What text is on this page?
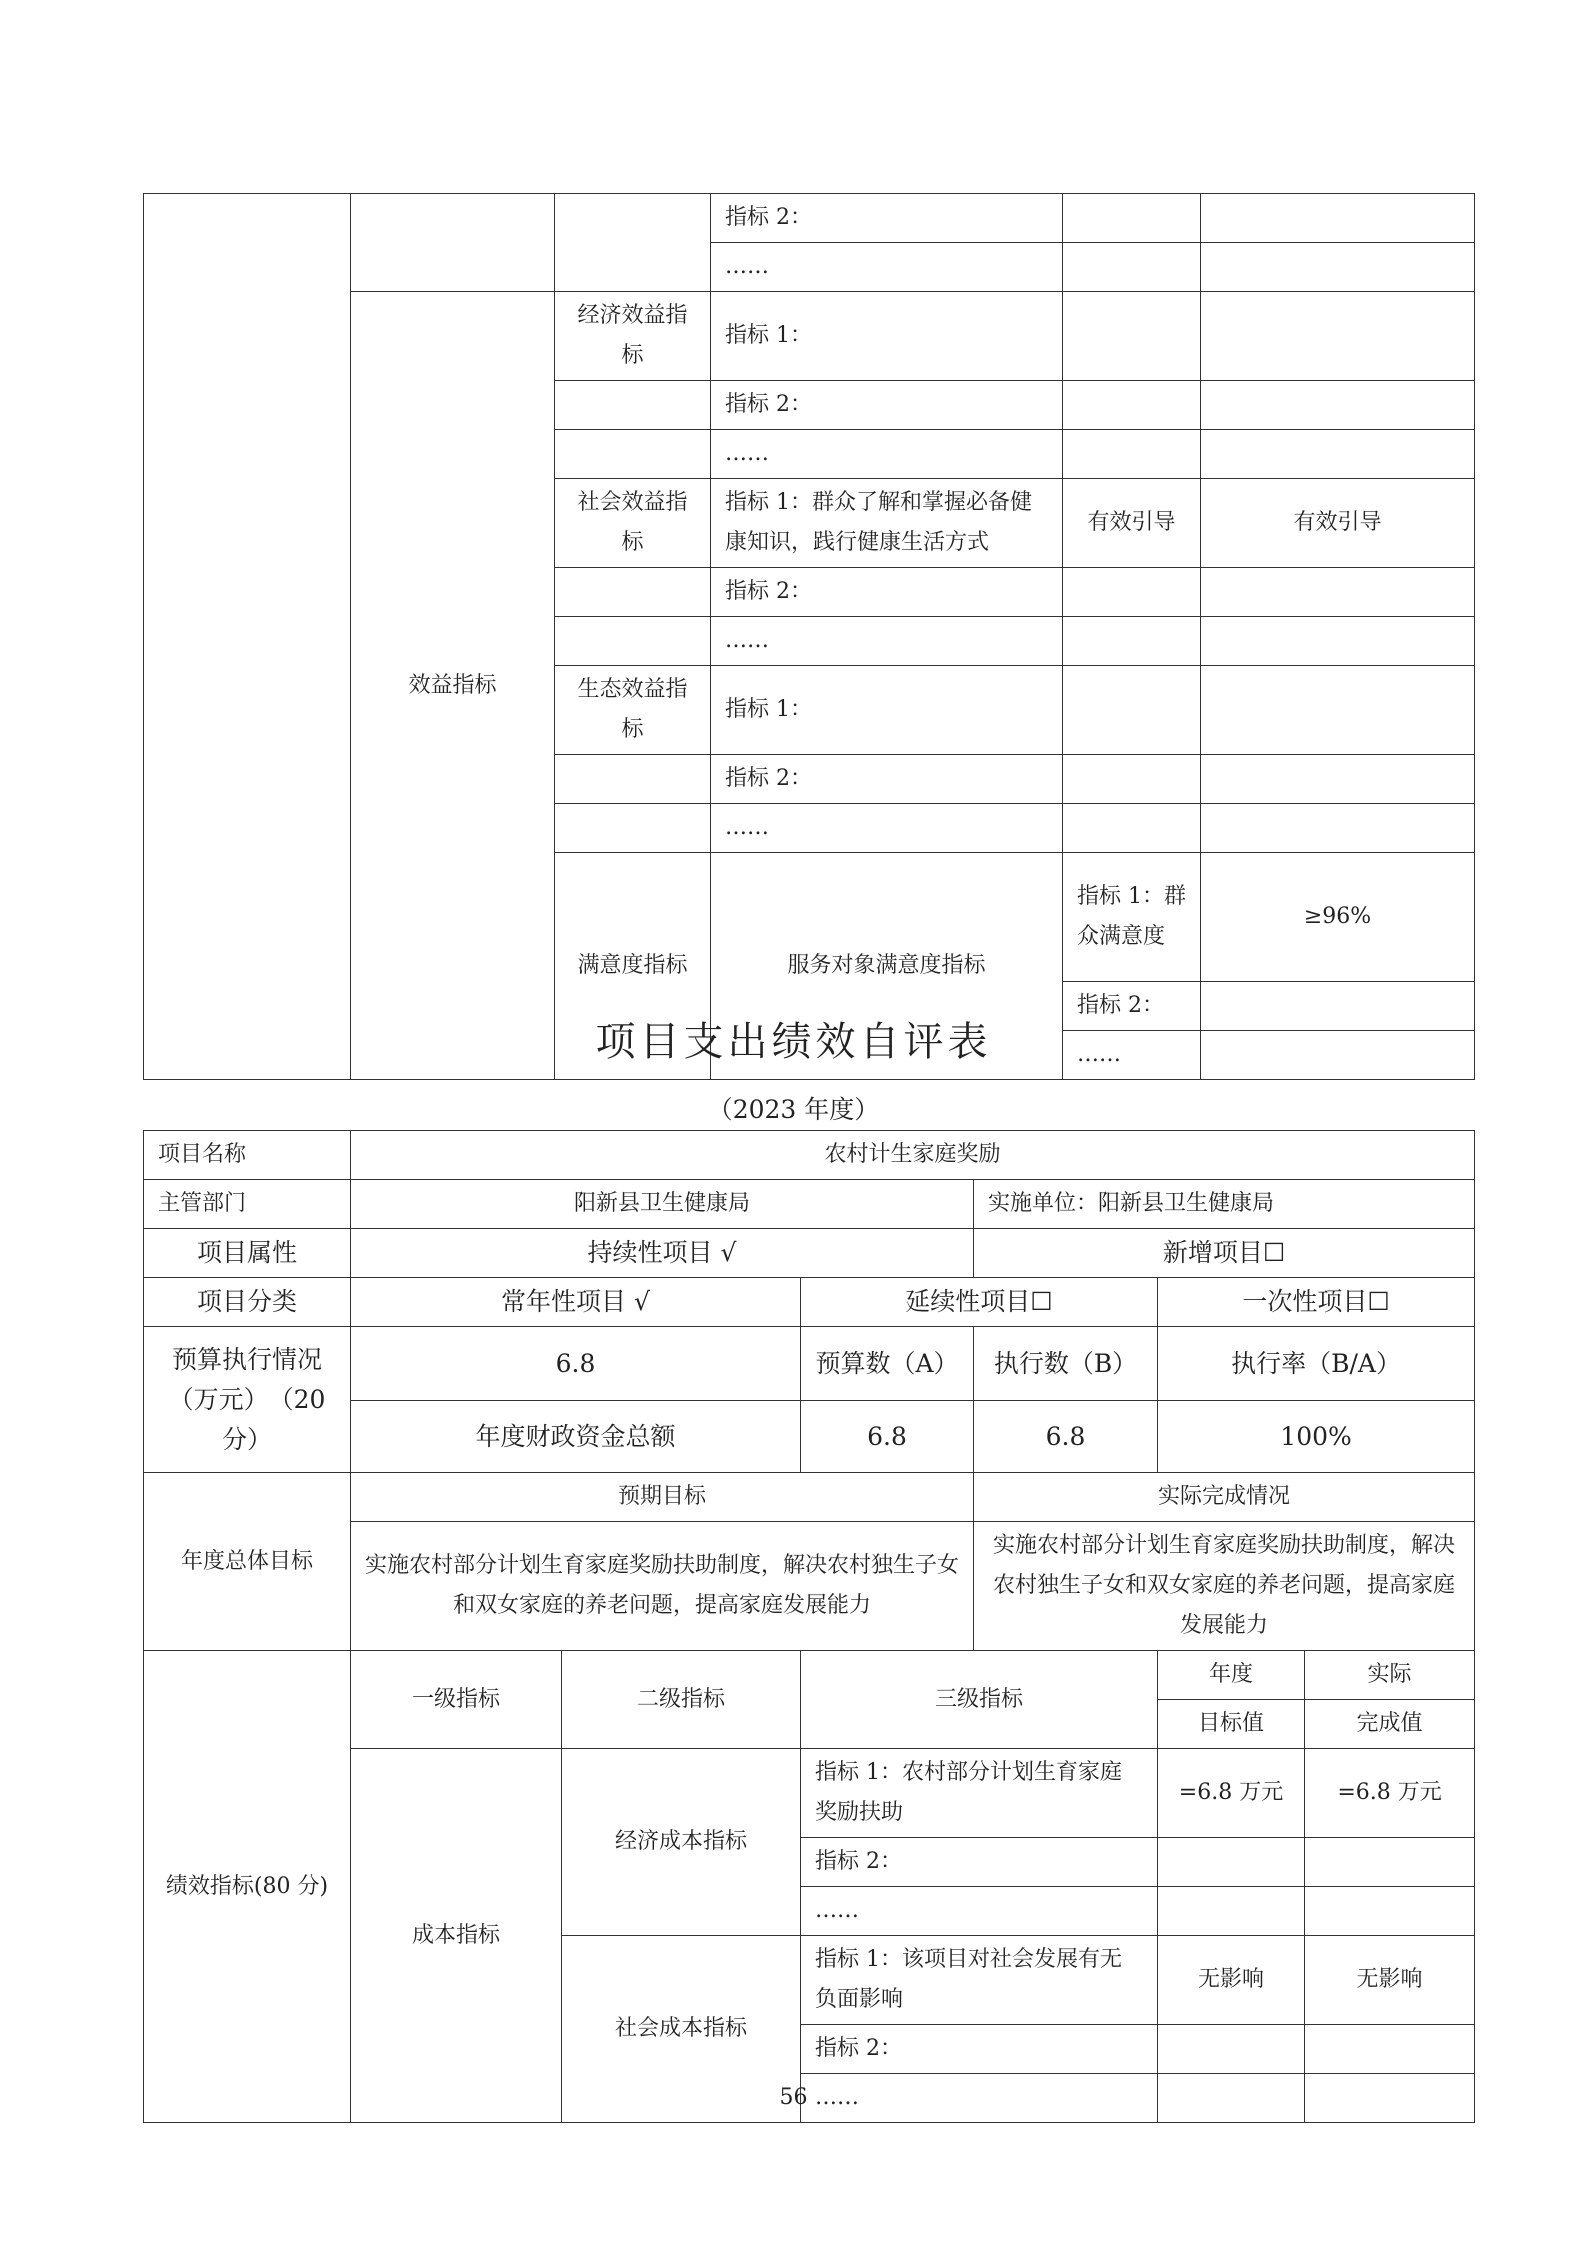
			指标 2：			
			……			
	效益指标	经济效益指标	指标 1：			
			指标 2：			
			……			
		社会效益指标	指标 1：群众了解和掌握必备健康知识，践行健康生活方式	有效引导	有效引导	
			指标 2：			
			……			
		生态效益指标	指标 1：			
			指标 2：			
			……			
		满意度指标	服务对象满意度指标	指标 1：群众满意度	≥96%	
				指标 2：		
				……		
项目支出绩效自评表
（2023 年度）
项目名称	农村计生家庭奖励					
主管部门	阳新县卫生健康局			实施单位：阳新县卫生健康局		
项目属性	持续性项目 √			新增项目☐		
项目分类	常年性项目 √		延续性项目☐		一次性项目☐	
预算执行情况（万元）　（20分）	6.8		预算数（A）	执行数（B）	执行率（B/A）	
	年度财政资金总额		6.8	6.8	100%	
年度总体目标	预期目标			实际完成情况		
	实施农村部分计划生育家庭奖励扶助制度，解决农村独生子女和双女家庭的养老问题，提高家庭发展能力			实施农村部分计划生育家庭奖励扶助制度，解决农村独生子女和双女家庭的养老问题，提高家庭发展能力		
绩效指标(80 分)	一级指标	二级指标	三级指标		年度	实际
					目标值	完成值
	成本指标	经济成本指标	指标 1：农村部分计划生育家庭奖励扶助		=6.8 万元	=6.8 万元
			指标 2：			
			……			
		社会成本指标	指标 1：该项目对社会发展有无负面影响		无影响	无影响
			指标 2：			
			……			
56
